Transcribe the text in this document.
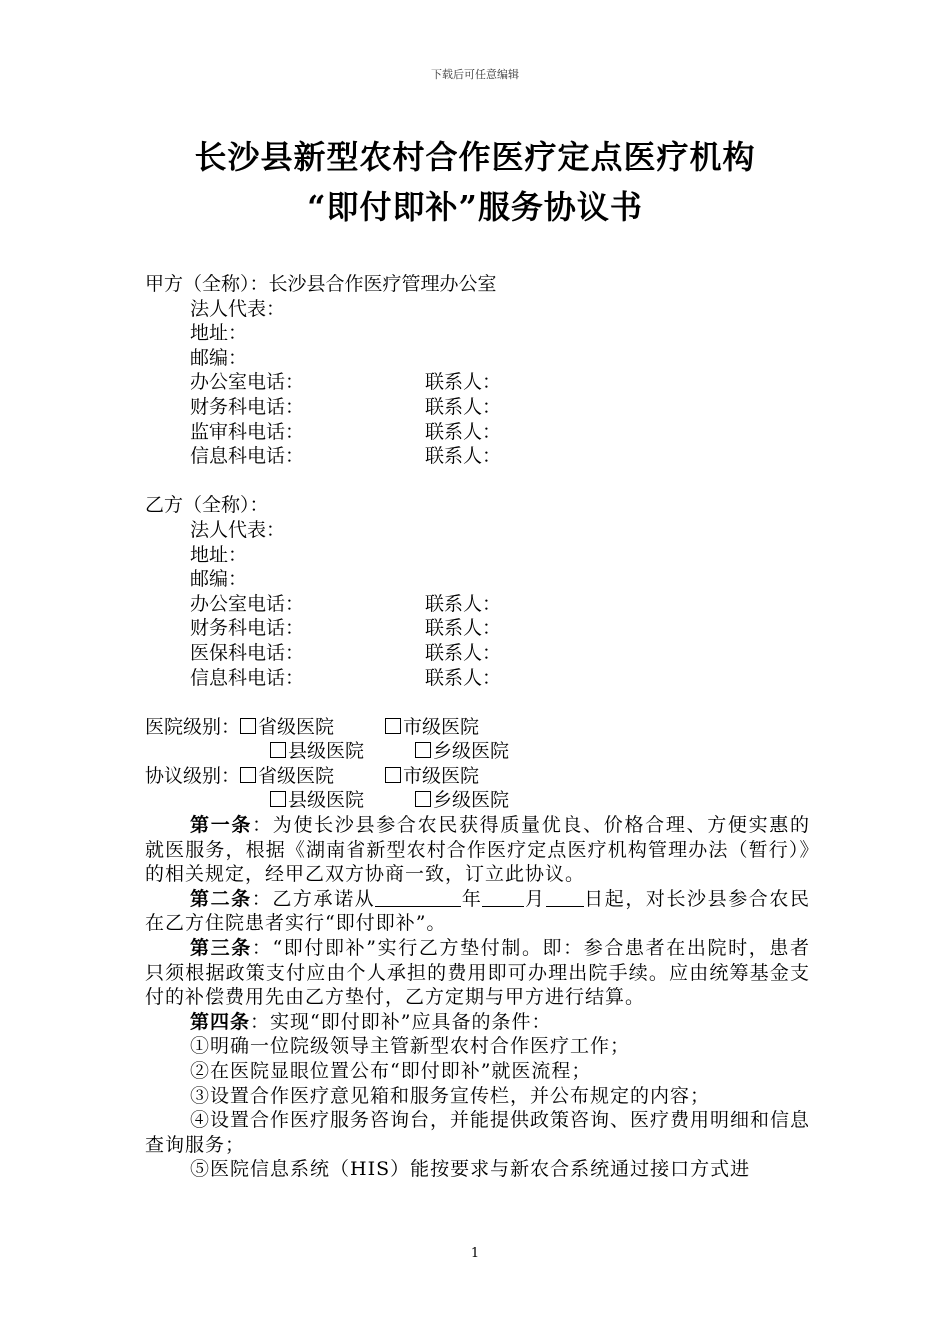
下载后可任意编辑
长沙县新型农村合作医疗定点医疗机构
“即付即补”服务协议书
甲方（全称）：长沙县合作医疗管理办公室
法人代表：
地址：
邮编：
办公室电话：	联系人：
财务科电话：	联系人：
监审科电话：	联系人：
信息科电话：	联系人：
乙方（全称）：
法人代表：
地址：
邮编：
办公室电话：	联系人：
财务科电话：	联系人：
医保科电话：	联系人：
信息科电话：	联系人：
医院级别： 省级医院	市级医院
县级医院	乡级医院
协议级别： 省级医院	市级医院
县级医院	乡级医院
第一条：为使长沙县参合农民获得质量优良、价格合理、方便实惠的就医服务，根据《湖南省新型农村合作医疗定点医疗机构管理办法（暂行）》的相关规定，经甲乙双方协商一致，订立此协议。
第二条：乙方承诺从	年 月 日起，对长沙县参合农民在乙方住院患者实行“即付即补”。
第三条：“即付即补”实行乙方垫付制。即：参合患者在出院时，患者只须根据政策支付应由个人承担的费用即可办理出院手续。应由统筹基金支付的补偿费用先由乙方垫付，乙方定期与甲方进行结算。
第四条：实现“即付即补”应具备的条件：
①明确一位院级领导主管新型农村合作医疗工作；
②在医院显眼位置公布“即付即补”就医流程；
③设置合作医疗意见箱和服务宣传栏，并公布规定的内容；
④设置合作医疗服务咨询台，并能提供政策咨询、医疗费用明细和信息查询服务；
⑤医院信息系统（HIS）能按要求与新农合系统通过接口方式进
1
